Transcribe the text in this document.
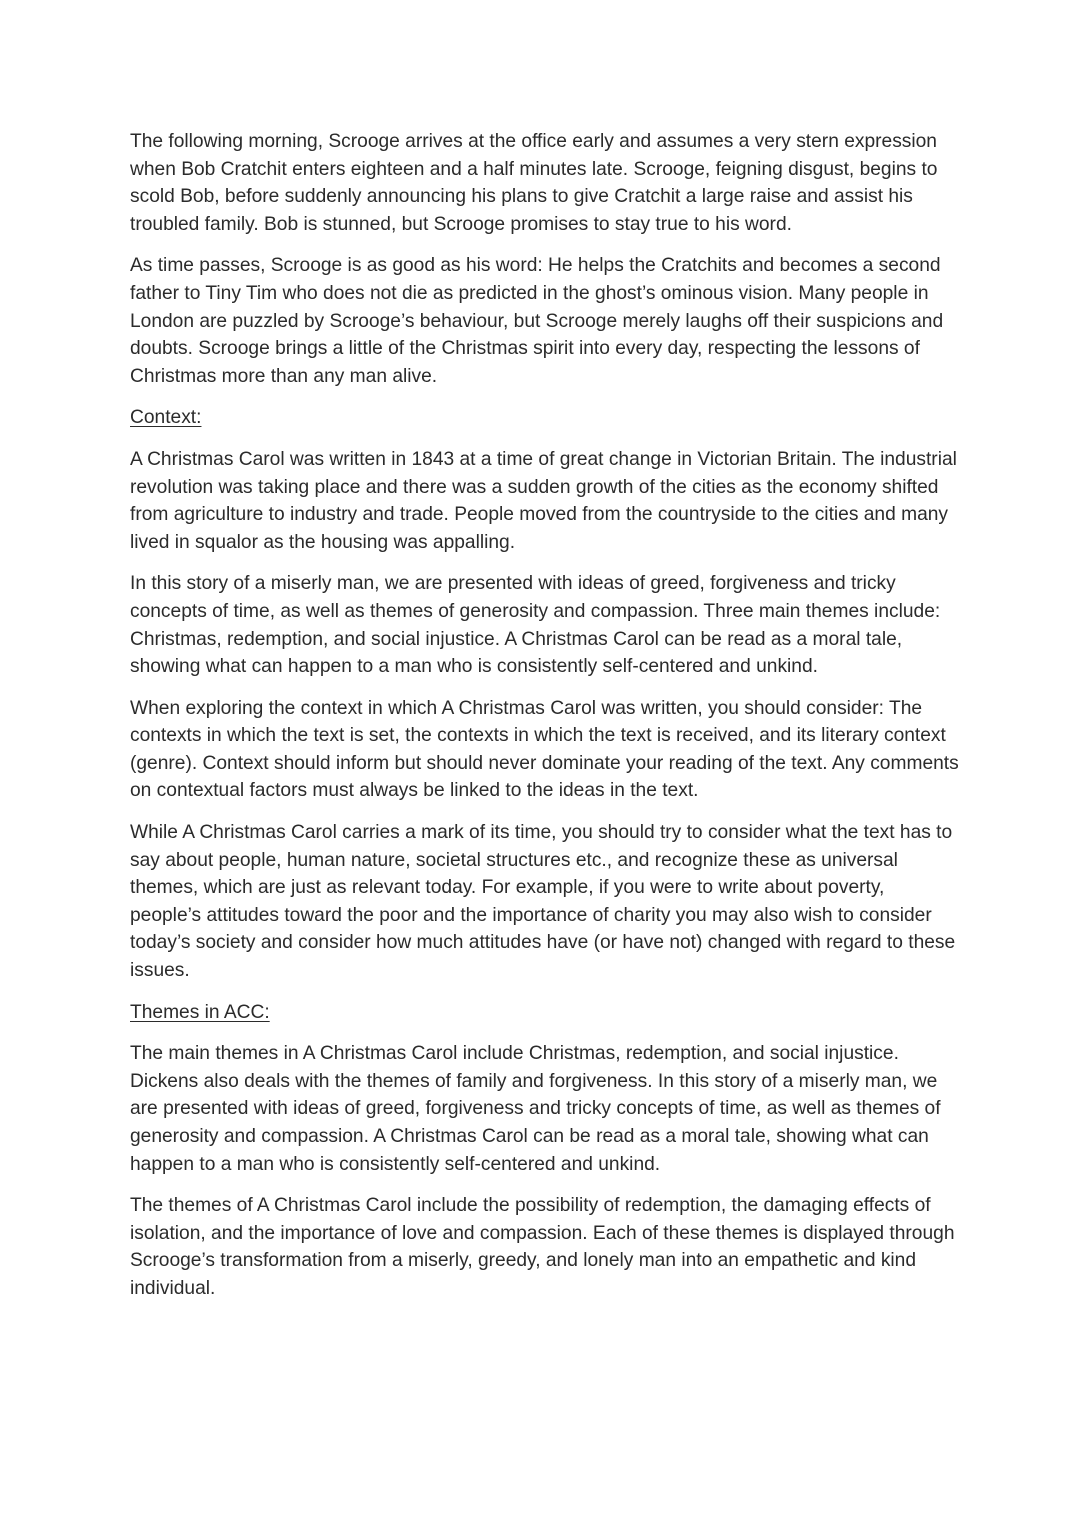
The following morning, Scrooge arrives at the office early and assumes a very stern expression when Bob Cratchit enters eighteen and a half minutes late. Scrooge, feigning disgust, begins to scold Bob, before suddenly announcing his plans to give Cratchit a large raise and assist his troubled family. Bob is stunned, but Scrooge promises to stay true to his word.

As time passes, Scrooge is as good as his word: He helps the Cratchits and becomes a second father to Tiny Tim who does not die as predicted in the ghost’s ominous vision. Many people in London are puzzled by Scrooge’s behaviour, but Scrooge merely laughs off their suspicions and doubts. Scrooge brings a little of the Christmas spirit into every day, respecting the lessons of Christmas more than any man alive.

Context:

A Christmas Carol was written in 1843 at a time of great change in Victorian Britain. The industrial revolution was taking place and there was a sudden growth of the cities as the economy shifted from agriculture to industry and trade. People moved from the countryside to the cities and many lived in squalor as the housing was appalling.

In this story of a miserly man, we are presented with ideas of greed, forgiveness and tricky concepts of time, as well as themes of generosity and compassion. Three main themes include: Christmas, redemption, and social injustice. A Christmas Carol can be read as a moral tale, showing what can happen to a man who is consistently self-centered and unkind.

When exploring the context in which A Christmas Carol was written, you should consider: The contexts in which the text is set, the contexts in which the text is received, and its literary context (genre). Context should inform but should never dominate your reading of the text. Any comments on contextual factors must always be linked to the ideas in the text.

While A Christmas Carol carries a mark of its time, you should try to consider what the text has to say about people, human nature, societal structures etc., and recognize these as universal themes, which are just as relevant today. For example, if you were to write about poverty, people’s attitudes toward the poor and the importance of charity you may also wish to consider today’s society and consider how much attitudes have (or have not) changed with regard to these issues.

Themes in ACC:

The main themes in A Christmas Carol include Christmas, redemption, and social injustice. Dickens also deals with the themes of family and forgiveness. In this story of a miserly man, we are presented with ideas of greed, forgiveness and tricky concepts of time, as well as themes of generosity and compassion. A Christmas Carol can be read as a moral tale, showing what can happen to a man who is consistently self-centered and unkind.

The themes of A Christmas Carol include the possibility of redemption, the damaging effects of isolation, and the importance of love and compassion. Each of these themes is displayed through Scrooge’s transformation from a miserly, greedy, and lonely man into an empathetic and kind individual.
